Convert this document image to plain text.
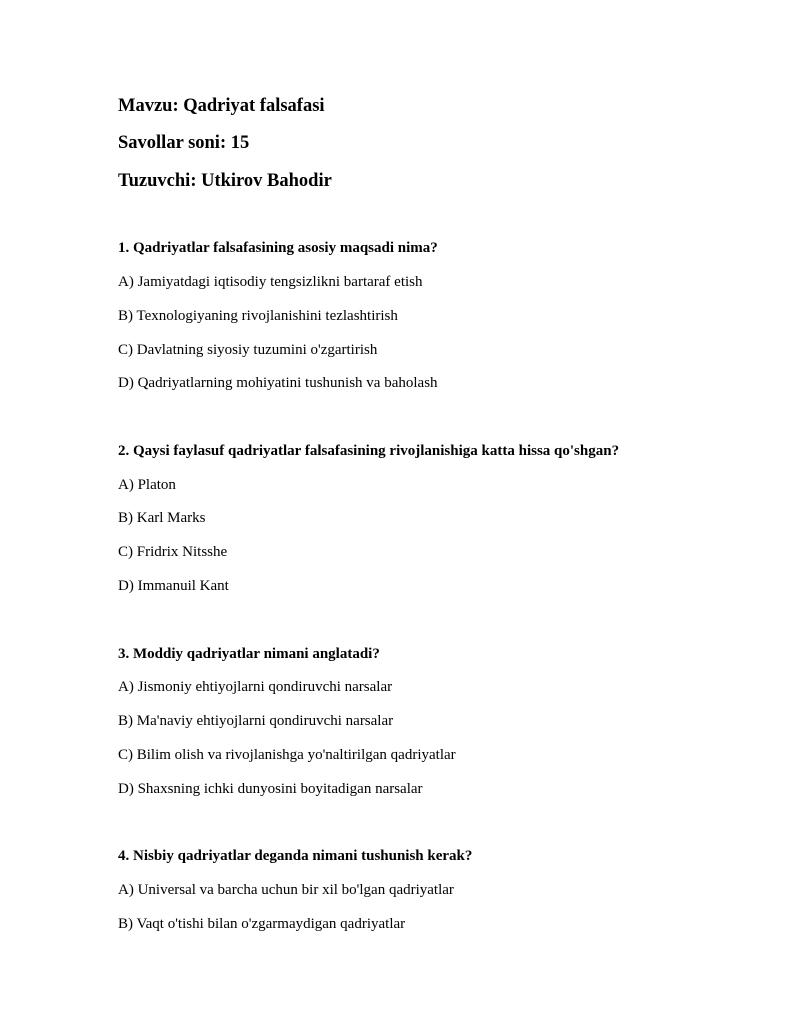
Mavzu: Qadriyat falsafasi
Savollar soni: 15
Tuzuvchi: Utkirov Bahodir
1. Qadriyatlar falsafasining asosiy maqsadi nima?
A) Jamiyatdagi iqtisodiy tengsizlikni bartaraf etish
B) Texnologiyaning rivojlanishini tezlashtirish
C) Davlatning siyosiy tuzumini o'zgartirish
D) Qadriyatlarning mohiyatini tushunish va baholash
2. Qaysi faylasuf qadriyatlar falsafasining rivojlanishiga katta hissa qo'shgan?
A) Platon
B) Karl Marks
C) Fridrix Nitsshe
D) Immanuil Kant
3. Moddiy qadriyatlar nimani anglatadi?
A) Jismoniy ehtiyojlarni qondiruvchi narsalar
B) Ma'naviy ehtiyojlarni qondiruvchi narsalar
C) Bilim olish va rivojlanishga yo'naltirilgan qadriyatlar
D) Shaxsning ichki dunyosini boyitadigan narsalar
4. Nisbiy qadriyatlar deganda nimani tushunish kerak?
A) Universal va barcha uchun bir xil bo'lgan qadriyatlar
B) Vaqt o'tishi bilan o'zgarmaydigan qadriyatlar
